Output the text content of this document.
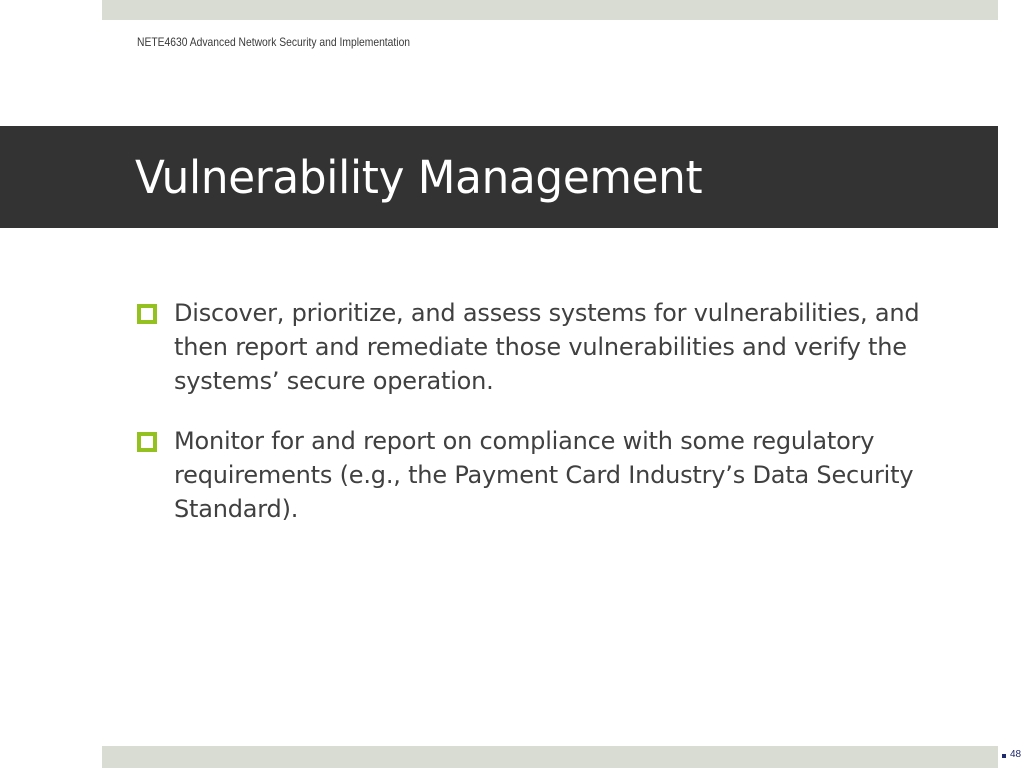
NETE4630 Advanced Network Security and Implementation
Vulnerability Management
Discover, prioritize, and assess systems for vulnerabilities, and then report and remediate those vulnerabilities and verify the systems’ secure operation.
Monitor for and report on compliance with some regulatory requirements (e.g., the Payment Card Industry’s Data Security Standard).
48
